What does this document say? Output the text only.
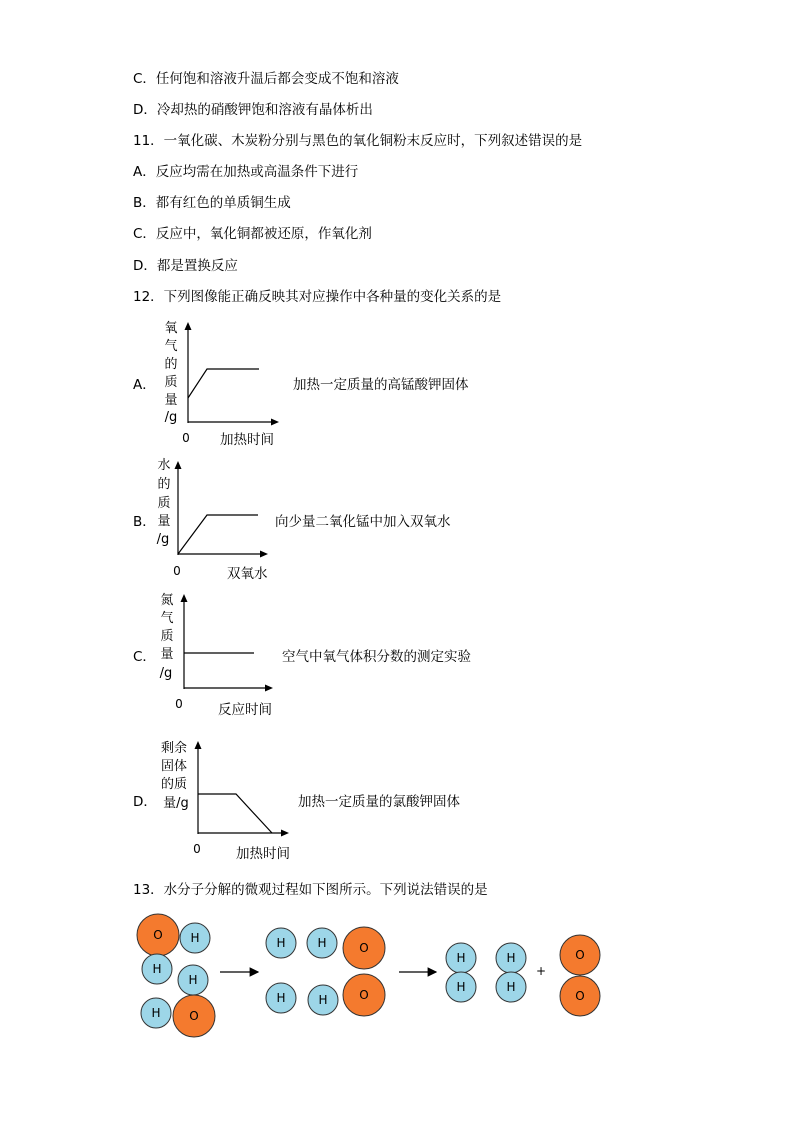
C．任何饱和溶液升温后都会变成不饱和溶液
D．冷却热的硝酸钾饱和溶液有晶体析出
11．一氧化碳、木炭粉分别与黑色的氧化铜粉末反应时，下列叙述错误的是
A．反应均需在加热或高温条件下进行
B．都有红色的单质铜生成
C．反应中，氧化铜都被还原，作氧化剂
D．都是置换反应
12．下列图像能正确反映其对应操作中各种量的变化关系的是
A．
氧
气
的
质
量
/g
0 加热时间
加热一定质量的高锰酸钾固体
B．
水
的
质
量
/g
0	双氧水
向少量二氧化锰中加入双氧水
C．
氮
气
质
量
/g
0	反应时间
空气中氧气体积分数的测定实验
D．
剩余
固体
的质
量/g
0	加热时间
加热一定质量的氯酸钾固体
13．水分子分解的微观过程如下图所示。下列说法错误的是
O H
H
H
H O
H	H	O
H	H	O
H
H
H
H
+
O
O
